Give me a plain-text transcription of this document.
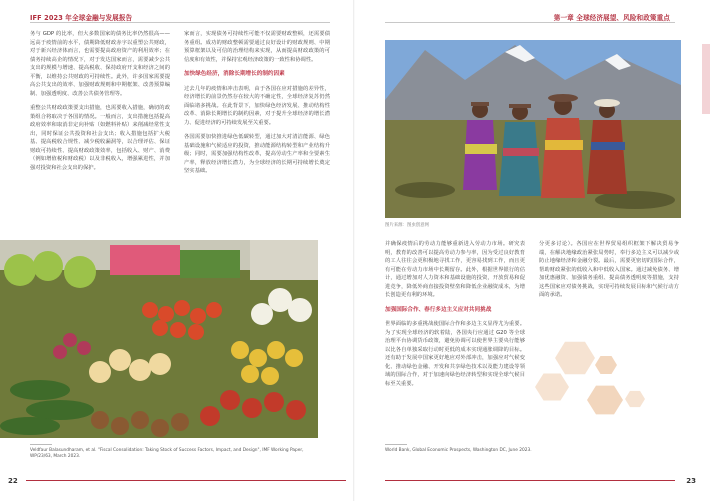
IFF 2023 年全球金融与发展报告

务与 GDP 的比率，但大多数国家的债务比率仍然很高——远高于疫情前的水平，债期降低财政赤字以重塑公共财政，对于新兴经济体而言，也需要提高政府资产的利用效率；在债务持续高企的情况下，对于发达国家而言，需要减少公共支出的规模与增速、提高税收、保持政府开支和经济之间的平衡，以维持公共财政的可持续性。此外，许多国家需要提高公共支出的效率、加强财政规则和中期框架、改善预算编制、加强透明度、改善公共债务管理等。

重整公共财政政策要支出措施，也需要收入措施，确切的政策组合将取决于各国的情况。一般而言，支出措施包括提高政府效率和取消非定向补贴（如燃料补贴）来削减经常性支出，同时保证公共投资和社会支出；收入措施包括扩大税基、提高税收合规性、减少税收漏洞等，以合理评估、保证财政可持续性、提高财政政策效率，包括收入、财产、消费（例如增值税和财政税）以及非税收入，增强累进性，并加强对投资和社会支出的保护。

家而言，实现债务可持续性可能不仅需要财政整顿，还需要债务重组。成功的财政整顿需要通过良好设计的财政规则、中期预算框架以及可信的治理结构来实现，从而提高财政政策的可信度和有效性，并保持宏观经济政策的一致性和协调性。

加快绿色经济，消除长期增长的制约因素

过去几年的疫情和冲击表明，由于各国在应对措施的差异性，经济增长的前景仍然存在较大的不确定性，全球经济复苏仍然面临诸多挑战。在此背景下，加快绿色经济发展、推动结构性改革、消除长期增长的制约因素，对于提升全球经济的增长潜力、促进经济的可持续发展至关重要。

各国需要加快推进绿色低碳转型，通过加大对清洁能源、绿色基础设施和气候适应的投资，推动能源结构转型和产业结构升级；同时，需要加强结构性改革，提高劳动生产率和全要素生产率，释放经济增长潜力，为全球经济的长期可持续增长奠定坚实基础。

Veldfaur Balasundharam, et al. "Fiscal Consolidation: Taking Stock of Success Factors, Impact, and Design", IMF Working Paper, WP/23/63, March 2023.
22
第一章 全球经济展望、风险和政策重点
图片来源：图虫创意网

并确保疫情后的劳动力能够重新进入劳动力市场。研究表明，教育的改善可以提高劳动力参与率，因为受过良好教育的工人往往会更积极地寻找工作，更容易找到工作，而且更有可能在劳动力市场中长期留存。此外，根据世界银行的估计，通过增加对人力资本和基础设施的投资，开放贸易和促进竞争，降低外商直接投资壁垒和降低企业融资成本，为增长创造更有利的环境。

加强国际合作、春行多边主义应对共同挑战

世界面临的多重挑战使国际合作和多边主义显得尤为重要。为了实现全球经济的软着陆，各国央行应通过 G20 等全球治理平台协调货币政策，避免协调可以使世界主要央行能够以比各自单独采取行动时更低的成本实现通胀调降的目标。还有助于发展中国家更好地应对外部冲击，加强应对气候变化、推动绿色金融、开发和共享绿色技术以及能力建设等领域的国际合作，对于加速向绿色经济转型和实现全球气候目标至关重要。

分更多讨论）。各国应在世界贸易组织框架下解决贸易争端，在解决地缘政治紧张局势时，奉行多边主义可以减少或防止地缘经济和金融分裂。最后，需要更密切的国际合作，帮助财政紧张的低收入和中低收入国家。通过减免债务、增加优惠融资、加强债务重组、提高债务透明度等措施，支持这些国家应对债务挑战，实现可持续发展目标和气候行动方面的承诺。

World Bank, Global Economic Prospects, Washington DC, June 2023.
23
